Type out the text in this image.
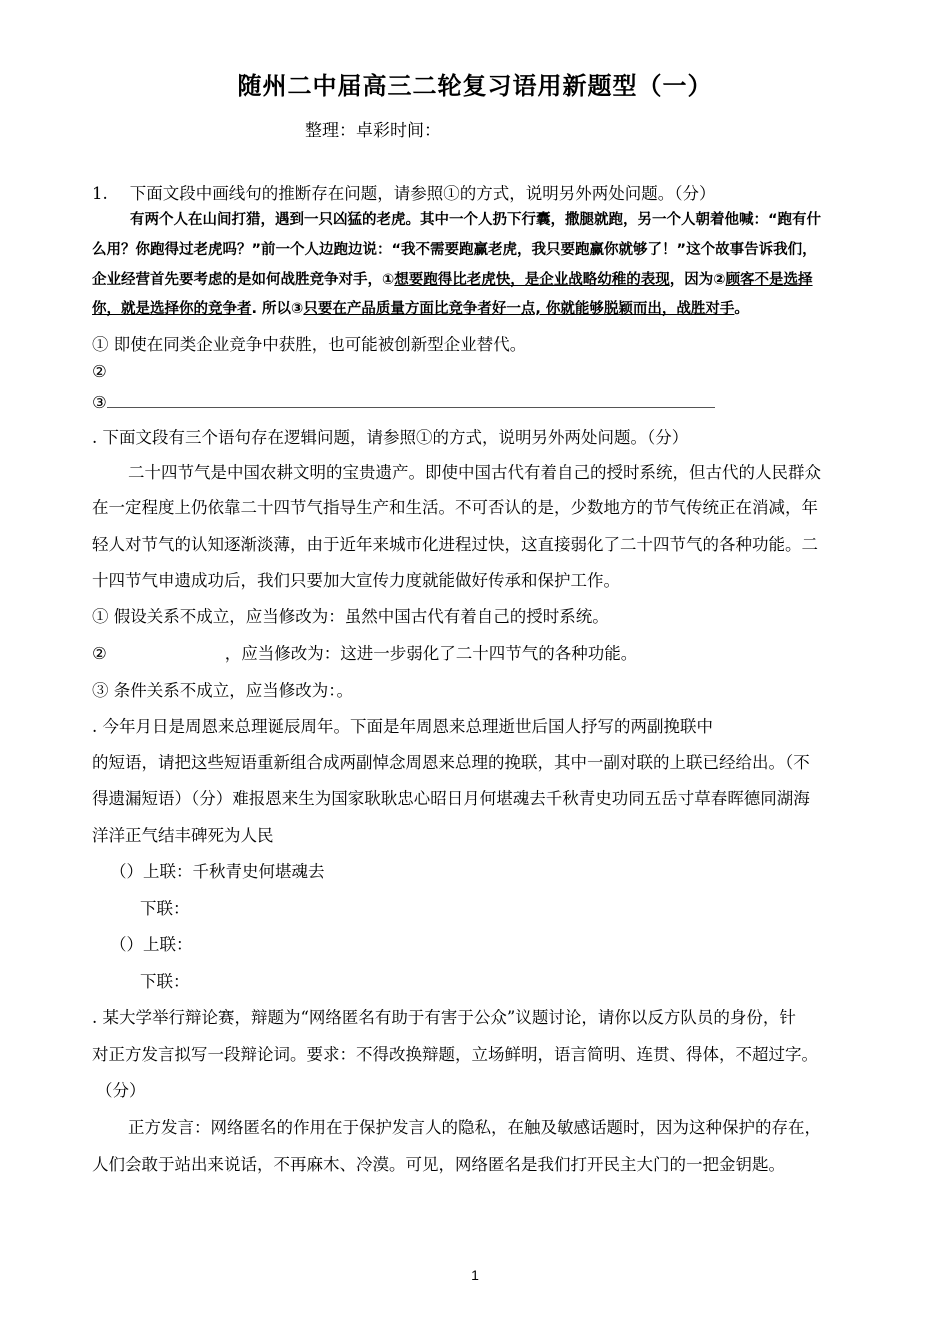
随州二中届高三二轮复习语用新题型（一）
整理：卓彩时间：
1. 下面文段中画线句的推断存在问题，请参照①的方式，说明另外两处问题。（分）
有两个人在山间打猎，遇到一只凶猛的老虎。其中一个人扔下行囊，撒腿就跑，另一个人朝着他喊：“跑有什
么用？你跑得过老虎吗？”前一个人边跑边说：“我不需要跑赢老虎，我只要跑赢你就够了！”这个故事告诉我们，
企业经营首先要考虑的是如何战胜竞争对手，①想要跑得比老虎快，是企业战略幼稚的表现，因为②顾客不是选择
你，就是选择你的竞争者. 所以③只要在产品质量方面比竞争者好一点, 你就能够脱颖而出，战胜对手。
① 即使在同类企业竞争中获胜，也可能被创新型企业替代。
②
③
. 下面文段有三个语句存在逻辑问题，请参照①的方式，说明另外两处问题。（分）
二十四节气是中国农耕文明的宝贵遗产。即使中国古代有着自己的授时系统，但古代的人民群众
在一定程度上仍依靠二十四节气指导生产和生活。不可否认的是，少数地方的节气传统正在消减，年
轻人对节气的认知逐渐淡薄，由于近年来城市化进程过快，这直接弱化了二十四节气的各种功能。二
十四节气申遗成功后，我们只要加大宣传力度就能做好传承和保护工作。
① 假设关系不成立，应当修改为：虽然中国古代有着自己的授时系统。
②	，应当修改为：这进一步弱化了二十四节气的各种功能。
③ 条件关系不成立，应当修改为：。
. 今年月日是周恩来总理诞辰周年。下面是年周恩来总理逝世后国人抒写的两副挽联中
的短语，请把这些短语重新组合成两副悼念周恩来总理的挽联，其中一副对联的上联已经给出。（不
得遗漏短语）（分）难报恩来生为国家耿耿忠心昭日月何堪魂去千秋青史功同五岳寸草春晖德同湖海
洋洋正气结丰碑死为人民
（）上联：千秋青史何堪魂去
下联：
（）上联：
下联：
. 某大学举行辩论赛，辩题为“网络匿名有助于有害于公众”议题讨论，请你以反方队员的身份，针
对正方发言拟写一段辩论词。要求：不得改换辩题，立场鲜明，语言简明、连贯、得体，不超过字。
（分）
正方发言：网络匿名的作用在于保护发言人的隐私，在触及敏感话题时，因为这种保护的存在，
人们会敢于站出来说话，不再麻木、冷漠。可见，网络匿名是我们打开民主大门的一把金钥匙。
1
